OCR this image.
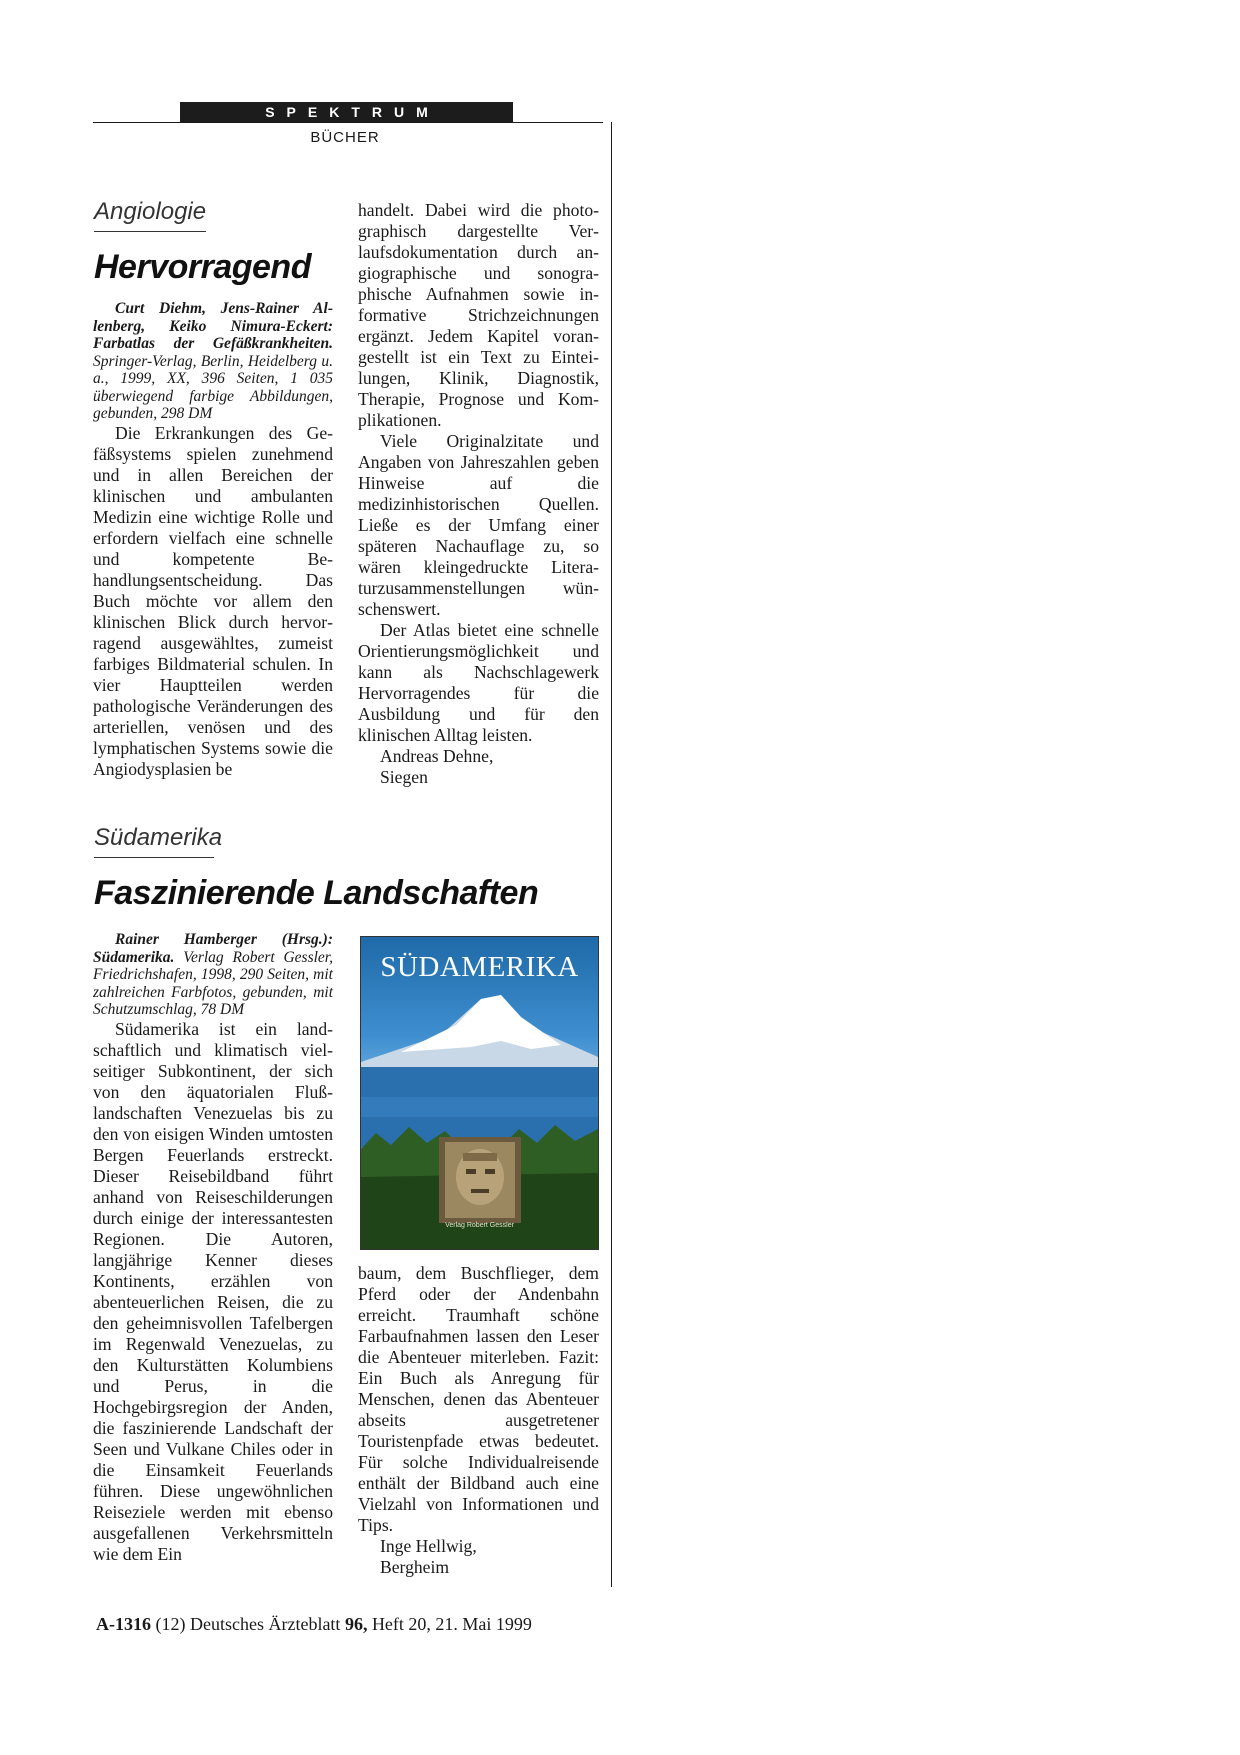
SPEKTRUM
BÜCHER
Angiologie
Hervorragend

Curt Diehm, Jens-Rainer Allenberg, Keiko Nimura-Eckert: Farbatlas der Gefäßkrankheiten. Springer-Verlag, Berlin, Heidelberg u. a., 1999, XX, 396 Seiten, 1 035 überwiegend farbige Abbildungen, gebunden, 298 DM

Die Erkrankungen des Gefäßsystems spielen zunehmend und in allen Bereichen der klinischen und ambulanten Medizin eine wichtige Rolle und erfordern vielfach eine schnelle und kompetente Behandlungsentscheidung. Das Buch möchte vor allem den klinischen Blick durch hervorragend ausgewähltes, zumeist farbiges Bildmaterial schulen. In vier Hauptteilen werden pathologische Veränderungen des arteriellen, venösen und des lymphatischen Systems sowie die Angiodysplasien be

handelt. Dabei wird die photographisch dargestellte Verlaufsdokumentation durch angiographische und sonographische Aufnahmen sowie informative Strichzeichnungen ergänzt. Jedem Kapitel vorangestellt ist ein Text zu Einteilungen, Klinik, Diagnostik, Therapie, Prognose und Komplikationen.

Viele Originalzitate und Angaben von Jahreszahlen geben Hinweise auf die medizinhistorischen Quellen. Ließe es der Umfang einer späteren Nachauflage zu, so wären kleingedruckte Literaturzusammenstellungen wünschenswert.

Der Atlas bietet eine schnelle Orientierungsmöglichkeit und kann als Nachschlagewerk Hervorragendes für die Ausbildung und für den klinischen Alltag leisten.

Andreas Dehne,

Siegen

Südamerika
Faszinierende Landschaften

Rainer Hamberger (Hrsg.): Südamerika. Verlag Robert Gessler, Friedrichshafen, 1998, 290 Seiten, mit zahlreichen Farbfotos, gebunden, mit Schutzumschlag, 78 DM

Südamerika ist ein landschaftlich und klimatisch vielseitiger Subkontinent, der sich von den äquatorialen Flußlandschaften Venezuelas bis zu den von eisigen Winden umtosten Bergen Feuerlands erstreckt. Dieser Reisebildband führt anhand von Reiseschilderungen durch einige der interessantesten Regionen. Die Autoren, langjährige Kenner dieses Kontinents, erzählen von abenteuerlichen Reisen, die zu den geheimnisvollen Tafelbergen im Regenwald Venezuelas, zu den Kulturstätten Kolumbiens und Perus, in die Hochgebirgsregion der Anden, die faszinierende Landschaft der Seen und Vulkane Chiles oder in die Einsamkeit Feuerlands führen. Diese ungewöhnlichen Reiseziele werden mit ebenso ausgefallenen Verkehrsmitteln wie dem Ein

SÜDAMERIKA
Verlag Robert Gessler

baum, dem Buschflieger, dem Pferd oder der Andenbahn erreicht. Traumhaft schöne Farbaufnahmen lassen den Leser die Abenteuer miterleben. Fazit: Ein Buch als Anregung für Menschen, denen das Abenteuer abseits ausgetretener Touristenpfade etwas bedeutet. Für solche Individualreisende enthält der Bildband auch eine Vielzahl von Informationen und Tips.

Inge Hellwig,

Bergheim

A-1316 (12) Deutsches Ärzteblatt 96, Heft 20, 21. Mai 1999
